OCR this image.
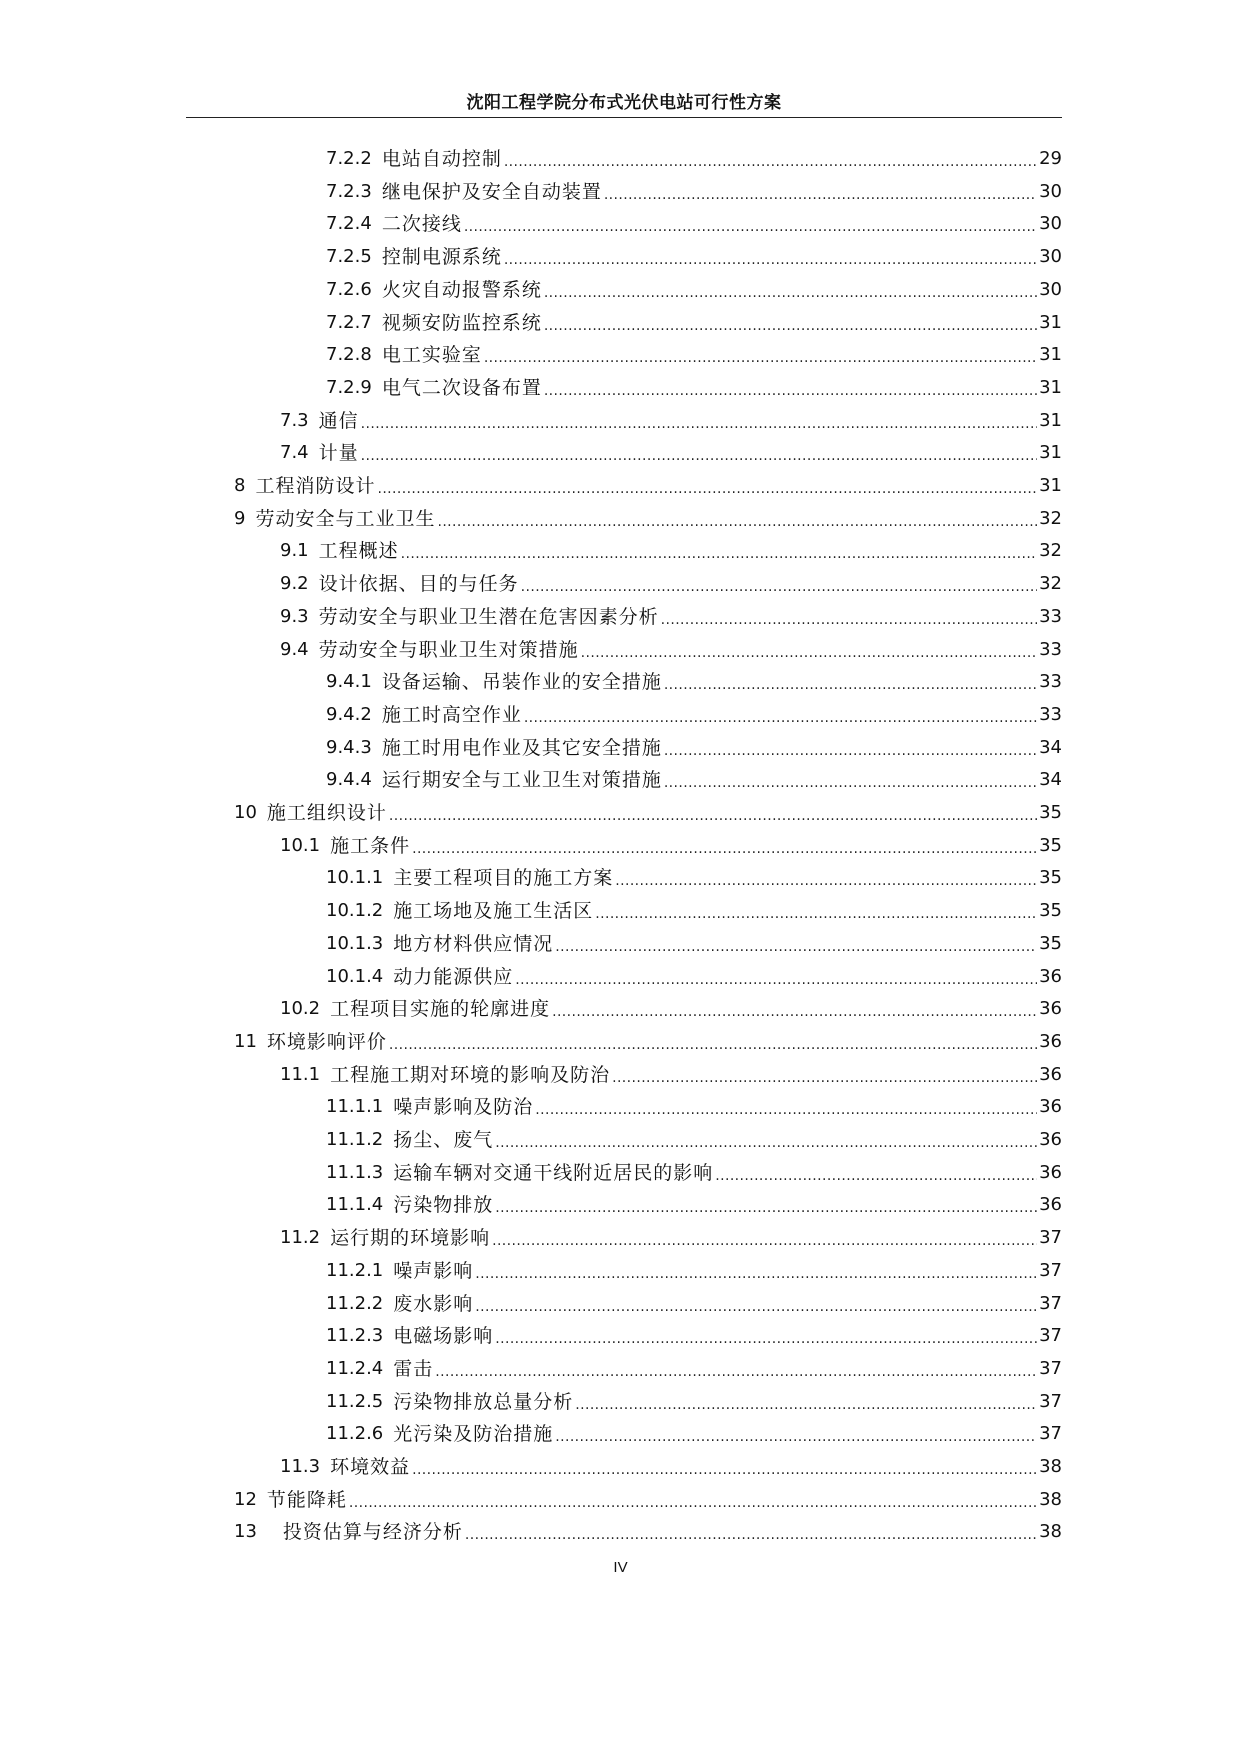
沈阳工程学院分布式光伏电站可行性方案
7.2.2 电站自动控制 .....	29
7.2.3 继电保护及安全自动装置 .....	30
7.2.4 二次接线 .....	30
7.2.5 控制电源系统 .....	30
7.2.6 火灾自动报警系统 .....	30
7.2.7 视频安防监控系统 .....	31
7.2.8 电工实验室 .....	31
7.2.9 电气二次设备布置 .....	31
7.3 通信 .....	31
7.4 计量 .....	31
8 工程消防设计 .....	31
9 劳动安全与工业卫生 .....	32
9.1 工程概述 .....	32
9.2 设计依据、目的与任务 .....	32
9.3 劳动安全与职业卫生潜在危害因素分析 .....	33
9.4 劳动安全与职业卫生对策措施 .....	33
9.4.1 设备运输、吊装作业的安全措施 .....	33
9.4.2 施工时高空作业 .....	33
9.4.3 施工时用电作业及其它安全措施 .....	34
9.4.4 运行期安全与工业卫生对策措施 .....	34
10 施工组织设计 .....	35
10.1 施工条件 .....	35
10.1.1 主要工程项目的施工方案 .....	35
10.1.2 施工场地及施工生活区 .....	35
10.1.3 地方材料供应情况 .....	35
10.1.4 动力能源供应 .....	36
10.2 工程项目实施的轮廓进度 .....	36
11 环境影响评价 .....	36
11.1 工程施工期对环境的影响及防治 .....	36
11.1.1 噪声影响及防治 .....	36
11.1.2 扬尘、废气 .....	36
11.1.3 运输车辆对交通干线附近居民的影响 .....	36
11.1.4 污染物排放 .....	36
11.2 运行期的环境影响 .....	37
11.2.1 噪声影响 .....	37
11.2.2 废水影响 .....	37
11.2.3 电磁场影响 .....	37
11.2.4 雷击 .....	37
11.2.5 污染物排放总量分析 .....	37
11.2.6 光污染及防治措施 .....	37
11.3 环境效益 .....	38
12 节能降耗 .....	38
13 投资估算与经济分析 .....	38
IV
